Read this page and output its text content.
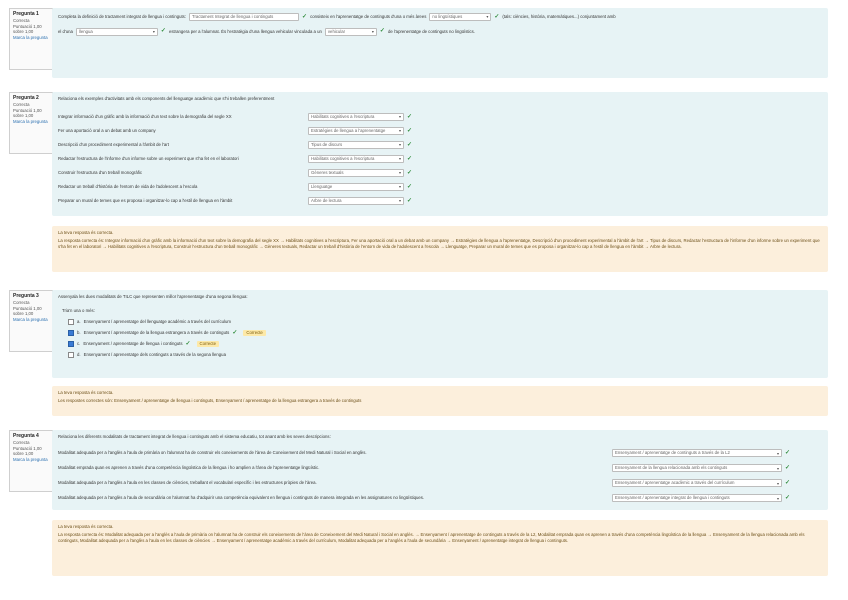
Pregunta 1
Correcta
Puntuació 1,00 sobre 1,00
Marca la pregunta
Completa la definició de tractament integrat de llengua i continguts: Tractament Integrat de llengua i continguts	✓ consisteix en l'aprenentatge de continguts d'una o més àrees no lingüístiques	▾ ✓ (tals: ciències, història, matemàtiques...) conjuntament amb
el d'una llengua	▾ ✓ estrangera per a l'alumnat. És l'estratègia d'una llengua vehicular vinculada a un vehicular	▾ ✓ de l'aprenentatge de continguts no lingüístics.
Pregunta 2
Correcta
Puntuació 1,00 sobre 1,00
Marca la pregunta
Relaciona els exemples d'activitats amb els components del llenguatge acadèmic que s'hi treballen preferentment
Integrar informació d'un gràfic amb la informació d'un text sobre la demografia del segle XX	Habilitats cognitives a l'escriptura	▾ ✓
Fer una aportació oral a un debat amb un company	Estratègies de llengua a l'aprenentatge	▾ ✓
Descripció d'un procediment experimental a l'àmbit de l'art	Tipus de discurs	▾ ✓
Redactar l'estructura de l'informe d'un informe sobre un experiment que s'ha fet en el laboratori	Habilitats cognitives a l'escriptura	▾ ✓
Construir l'estructura d'un treball monogràfic	Gèneres textuals	▾ ✓
Redactar un treball d'història de l'entorn de vida de l'adolescent a l'escola	Llenguatge	▾ ✓
Preparar un mural de temes que es proposa i organitzar-lo cap a l'estil de llengua en l'àmbit	Arbre de lectura	▾ ✓
La teva resposta és correcta.
La resposta correcta és: Integrar informació d'un gràfic amb la informació d'un text sobre la demografia del segle XX → Habilitats cognitives a l'escriptura, Fer una aportació oral a un debat amb un company → Estratègies de llengua a l'aprenentatge, Descripció d'un procediment experimental a l'àmbit de l'art → Tipus de discurs, Redactar l'estructura de l'informe d'un informe sobre un experiment que s'ha fet en el laboratori → Habilitats cognitives a l'escriptura, Construir l'estructura d'un treball monogràfic → Gèneres textuals, Redactar un treball d'història de l'entorn de vida de l'adolescent a l'escola → Llenguatge, Preparar un mural de temes que es proposa i organitzar-lo cap a l'estil de llengua en l'àmbit → Arbre de lectura.
Pregunta 3
Correcta
Puntuació 1,00 sobre 1,00
Marca la pregunta
Assenyala les dues modalitats de TILC que representen millor l'aprenentatge d'una segona llengua:
Tria'n una o més:
a. Ensenyament / aprenentatge del llenguatge acadèmic a través del currículum
b. Ensenyament / aprenentatge de la llengua estrangera a través de continguts ✓	Correcte
c. Ensenyament / aprenentatge de llengua i continguts ✓	Correcte
d. Ensenyament / aprenentatge dels continguts a través de la segona llengua
La teva resposta és correcta.
Les respostes correctes són: Ensenyament / aprenentatge de llengua i continguts, Ensenyament / aprenentatge de la llengua estrangera a través de continguts
Pregunta 4
Correcta
Puntuació 1,00 sobre 1,00
Marca la pregunta
Relaciona les diferents modalitats de tractament integrat de llengua i continguts amb el sistema educatiu, tot anant amb les seves descripcions:
Modalitat adequada per a l'anglès a l'aula de primària on l'alumnat ha de construir els coneixements de l'àrea de Coneixement del Medi Natural i Social en anglès.	Ensenyament / aprenentatge de continguts a través de la L2	▾ ✓
Modalitat emprada quan es aprenen a través d'una competència lingüística de la llengua i ho amplien a l'àrea de l'aprenentatge lingüístic.	Ensenyament de la llengua relacionada amb els continguts	▾ ✓
Modalitat adequada per a l'anglès a l'aula en les classes de ciències, treballant el vocabulari específic i les estructures pròpies de l'àrea.	Ensenyament / aprenentatge acadèmic a través del currículum	▾ ✓
Modalitat adequada per a l'anglès a l'aula de secundària on l'alumnat ha d'adquirir una competència equivalent en llengua i continguts de manera integrada en les assignatures no lingüístiques.	Ensenyament / aprenentatge integrat de llengua i continguts	▾ ✓
La teva resposta és correcta.
La resposta correcta és: Modalitat adequada per a l'anglès a l'aula de primària on l'alumnat ha de construir els coneixements de l'àrea de Coneixement del Medi Natural i Social en anglès. → Ensenyament / aprenentatge de continguts a través de la L2, Modalitat emprada quan es aprenen a través d'una competència lingüística de la llengua → Ensenyament de la llengua relacionada amb els continguts, Modalitat adequada per a l'anglès a l'aula en les classes de ciències → Ensenyament / aprenentatge acadèmic a través del currículum, Modalitat adequada per a l'anglès a l'aula de secundària → Ensenyament / aprenentatge integrat de llengua i continguts.
